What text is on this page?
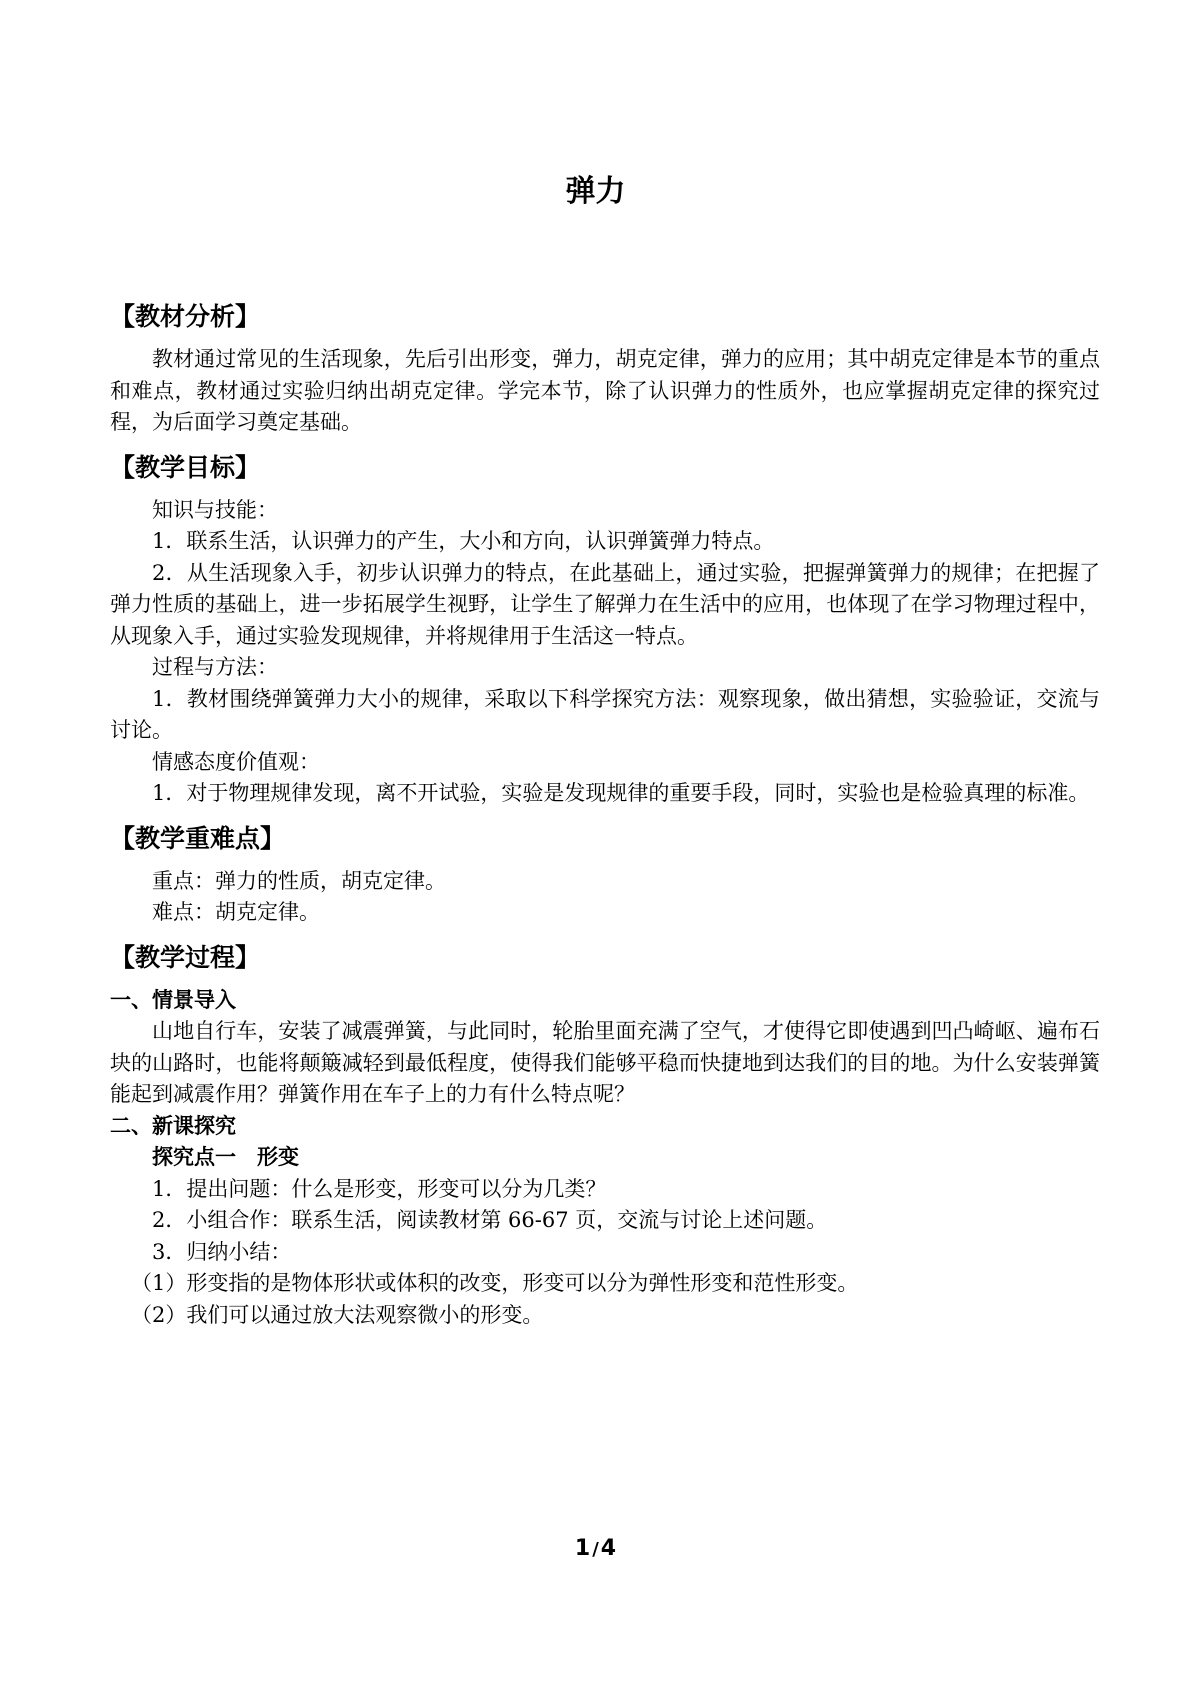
弹力
【教材分析】

教材通过常见的生活现象，先后引出形变，弹力，胡克定律，弹力的应用；其中胡克定律是本节的重点和难点，教材通过实验归纳出胡克定律。学完本节，除了认识弹力的性质外，也应掌握胡克定律的探究过程，为后面学习奠定基础。

【教学目标】

知识与技能：

1．联系生活，认识弹力的产生，大小和方向，认识弹簧弹力特点。

2．从生活现象入手，初步认识弹力的特点，在此基础上，通过实验，把握弹簧弹力的规律；在把握了弹力性质的基础上，进一步拓展学生视野，让学生了解弹力在生活中的应用，也体现了在学习物理过程中，从现象入手，通过实验发现规律，并将规律用于生活这一特点。

过程与方法：

1．教材围绕弹簧弹力大小的规律，采取以下科学探究方法：观察现象，做出猜想，实验验证，交流与讨论。

情感态度价值观：

1．对于物理规律发现，离不开试验，实验是发现规律的重要手段，同时，实验也是检验真理的标准。

【教学重难点】

重点：弹力的性质，胡克定律。

难点：胡克定律。

【教学过程】
一、情景导入

山地自行车，安装了减震弹簧，与此同时，轮胎里面充满了空气，才使得它即使遇到凹凸崎岖、遍布石块的山路时，也能将颠簸减轻到最低程度，使得我们能够平稳而快捷地到达我们的目的地。为什么安装弹簧能起到减震作用？弹簧作用在车子上的力有什么特点呢？

二、新课探究
探究点一　形变

1．提出问题：什么是形变，形变可以分为几类？

2．小组合作：联系生活，阅读教材第 66-67 页，交流与讨论上述问题。

3．归纳小结：

（1）形变指的是物体形状或体积的改变，形变可以分为弹性形变和范性形变。

（2）我们可以通过放大法观察微小的形变。

1 /4
